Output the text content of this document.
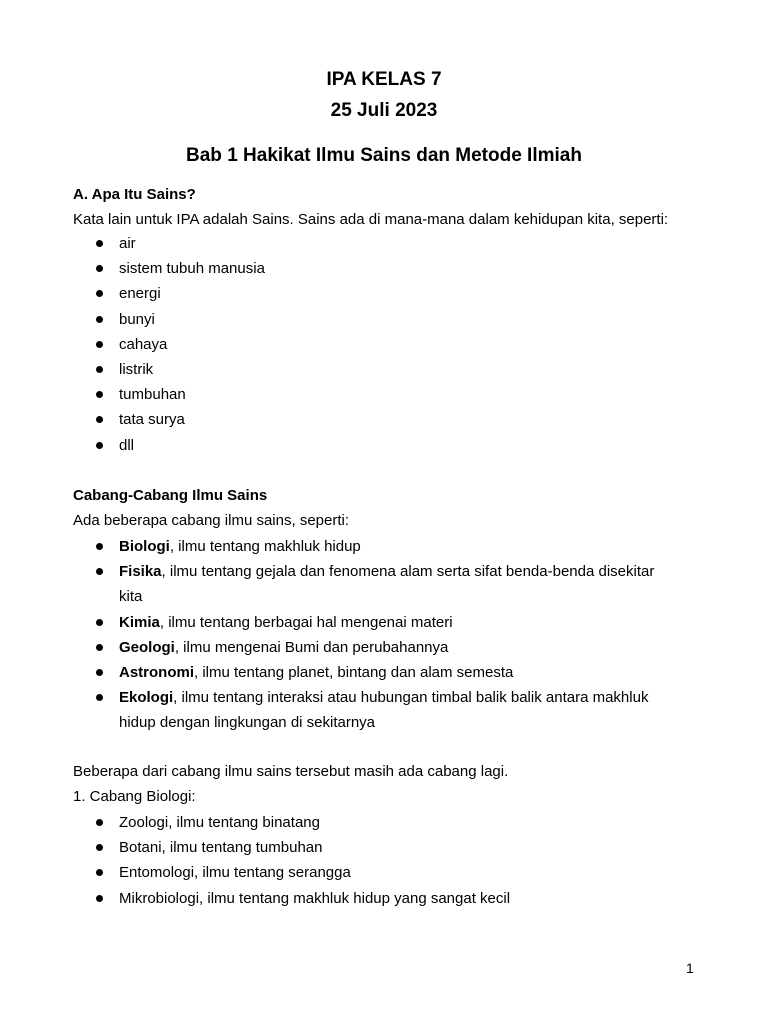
IPA KELAS 7
25 Juli 2023
Bab 1 Hakikat Ilmu Sains dan Metode Ilmiah
A. Apa Itu Sains?

Kata lain untuk IPA adalah Sains. Sains ada di mana-mana dalam kehidupan kita, seperti:

air
sistem tubuh manusia
energi
bunyi
cahaya
listrik
tumbuhan
tata surya
dll
Cabang-Cabang Ilmu Sains

Ada beberapa cabang ilmu sains, seperti:

Biologi, ilmu tentang makhluk hidup
Fisika, ilmu tentang gejala dan fenomena alam serta sifat benda-benda disekitar kita
Kimia, ilmu tentang berbagai hal mengenai materi
Geologi, ilmu mengenai Bumi dan perubahannya
Astronomi, ilmu tentang planet, bintang dan alam semesta
Ekologi, ilmu tentang interaksi atau hubungan timbal balik balik antara makhluk hidup dengan lingkungan di sekitarnya

Beberapa dari cabang ilmu sains tersebut masih ada cabang lagi.

1. Cabang Biologi:

Zoologi, ilmu tentang binatang
Botani, ilmu tentang tumbuhan
Entomologi, ilmu tentang serangga
Mikrobiologi, ilmu tentang makhluk hidup yang sangat kecil
1
